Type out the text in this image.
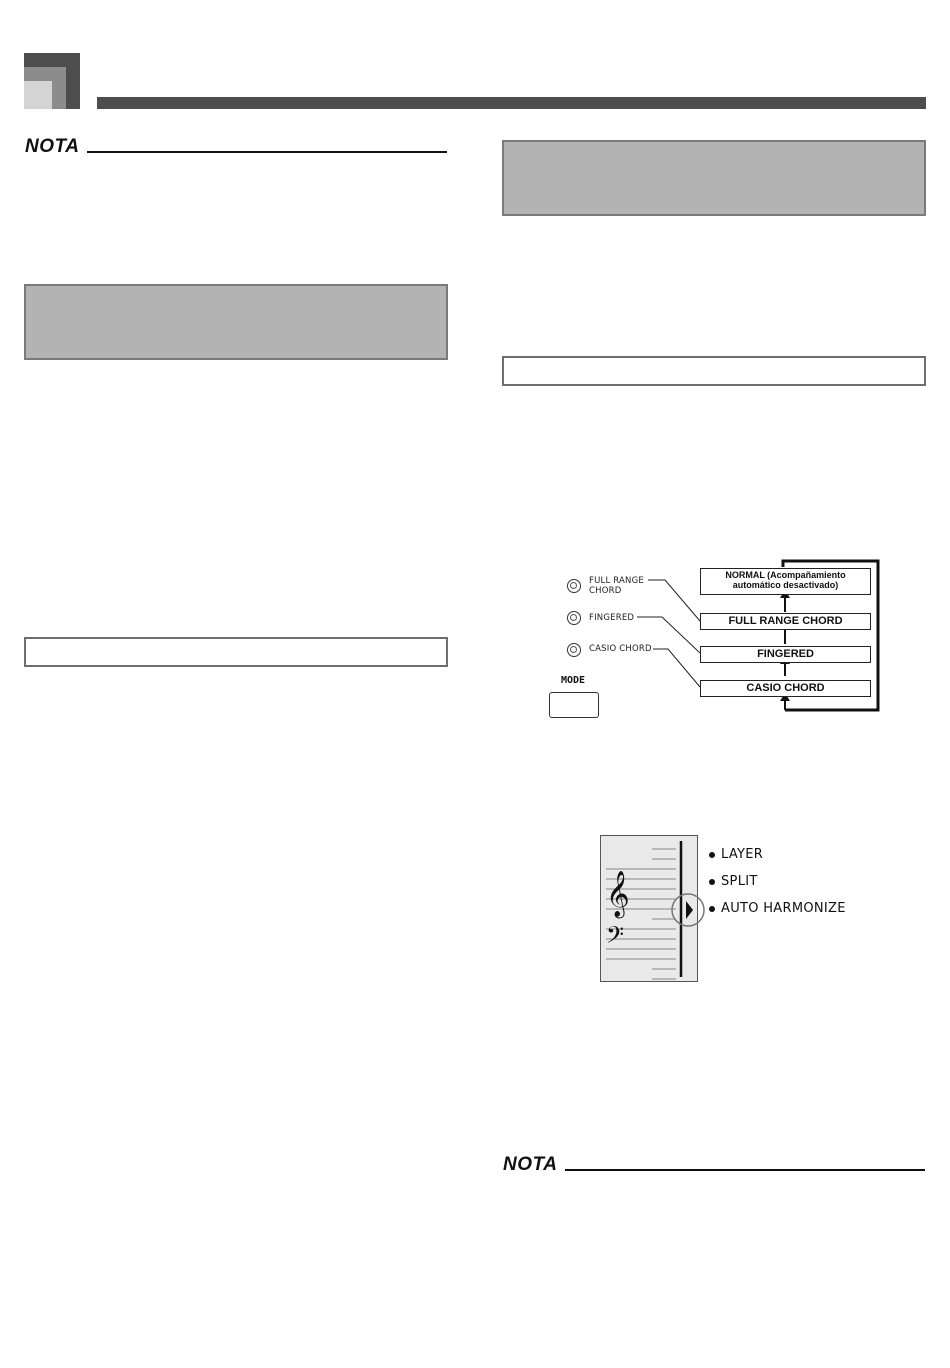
NOTA
FULL RANGE
CHORD
FINGERED
CASIO CHORD
MODE
NORMAL (Acompañamiento
automático desactivado)
FULL RANGE CHORD
FINGERED
CASIO CHORD
𝄞
𝄢
LAYER
SPLIT
AUTO HARMONIZE
NOTA
